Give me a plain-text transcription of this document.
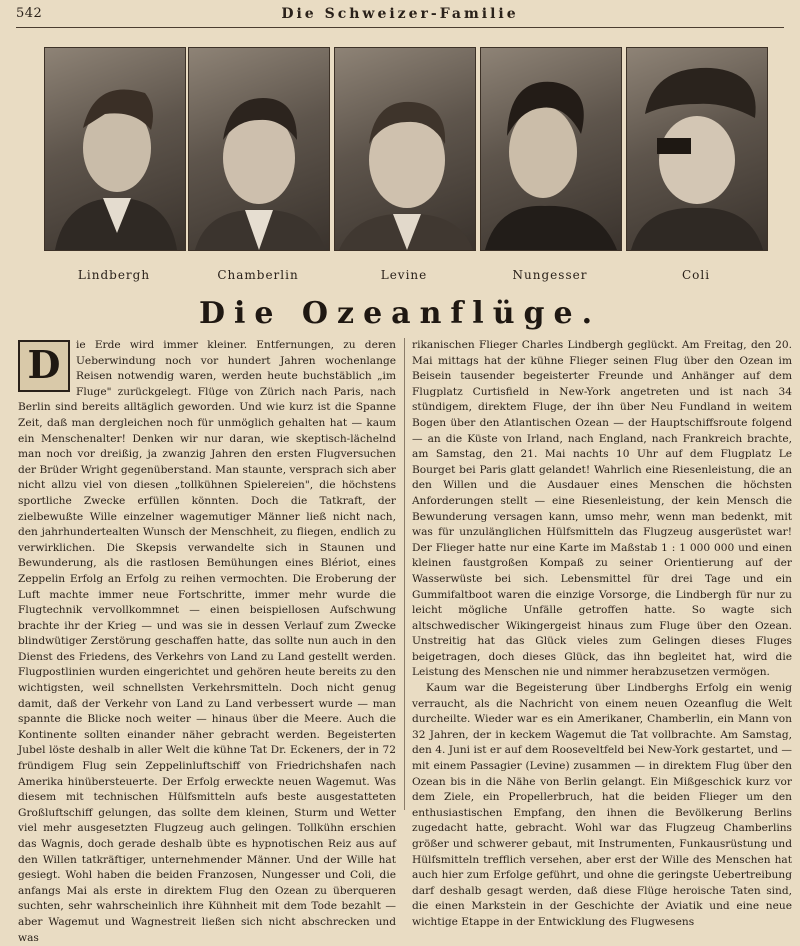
542	Die Schweizer-Familie
Lindbergh	Chamberlin	Levine	Nungesser	Coli
Die Ozeanflüge.
D	ie Erde wird immer kleiner. Entfernungen, zu deren Ueberwindung noch vor hundert Jahren wochenlange Reisen notwendig waren, werden heute buchstäblich „im Fluge" zurückgelegt. Flüge von Zürich nach Paris, nach Berlin sind bereits alltäglich geworden. Und wie kurz ist die Spanne Zeit, daß man dergleichen noch für unmöglich gehalten hat — kaum ein Menschenalter! Denken wir nur daran, wie skeptisch-lächelnd man noch vor dreißig, ja zwanzig Jahren den ersten Flugversuchen der Brüder Wright gegenüberstand. Man staunte, versprach sich aber nicht allzu viel von diesen „tollkühnen Spielereien", die höchstens sportliche Zwecke erfüllen könnten. Doch die Tatkraft, der zielbewußte Wille einzelner wagemutiger Männer ließ nicht nach, den jahrhundertealten Wunsch der Menschheit, zu fliegen, endlich zu verwirklichen. Die Skepsis verwandelte sich in Staunen und Bewunderung, als die rastlosen Bemühungen eines Blériot, eines Zeppelin Erfolg an Erfolg zu reihen vermochten. Die Eroberung der Luft machte immer neue Fortschritte, immer mehr wurde die Flugtechnik vervollkommnet — einen beispiellosen Aufschwung brachte ihr der Krieg — und was sie in dessen Verlauf zum Zwecke blindwütiger Zerstörung geschaffen hatte, das sollte nun auch in den Dienst des Friedens, des Verkehrs von Land zu Land gestellt werden. Flugpostlinien wurden eingerichtet und gehören heute bereits zu den wichtigsten, weil schnellsten Verkehrsmitteln. Doch nicht genug damit, daß der Verkehr von Land zu Land verbessert wurde — man spannte die Blicke noch weiter — hinaus über die Meere. Auch die Kontinente sollten einander näher gebracht werden. Begeisterten Jubel löste deshalb in aller Welt die kühne Tat Dr. Eckeners, der in 72 fründigem Flug sein Zeppelinluftschiff von Friedrichshafen nach Amerika hinübersteuerte. Der Erfolg erweckte neuen Wagemut. Was diesem mit technischen Hülfsmitteln aufs beste ausgestatteten Großluftschiff gelungen, das sollte dem kleinen, Sturm und Wetter viel mehr ausgesetzten Flugzeug auch gelingen. Tollkühn erschien das Wagnis, doch gerade deshalb übte es hypnotischen Reiz aus auf den Willen tatkräftiger, unternehmender Männer. Und der Wille hat gesiegt. Wohl haben die beiden Franzosen, Nungesser und Coli, die anfangs Mai als erste in direktem Flug den Ozean zu überqueren suchten, sehr wahrscheinlich ihre Kühnheit mit dem Tode bezahlt — aber Wagemut und Wagnestreit ließen sich nicht abschrecken und was

rikanischen Flieger Charles Lindbergh geglückt. Am Freitag, den 20. Mai mittags hat der kühne Flieger seinen Flug über den Ozean im Beisein tausender begeisterter Freunde und Anhänger auf dem Flugplatz Curtisfield in New-York angetreten und ist nach 34 stündigem, direktem Fluge, der ihn über Neu Fundland in weitem Bogen über den Atlantischen Ozean — der Hauptschiffsroute folgend — an die Küste von Irland, nach England, nach Frankreich brachte, am Samstag, den 21. Mai nachts 10 Uhr auf dem Flugplatz Le Bourget bei Paris glatt gelandet! Wahrlich eine Riesenleistung, die an den Willen und die Ausdauer eines Menschen die höchsten Anforderungen stellt — eine Riesenleistung, der kein Mensch die Bewunderung versagen kann, umso mehr, wenn man bedenkt, mit was für unzulänglichen Hülfsmitteln das Flugzeug ausgerüstet war! Der Flieger hatte nur eine Karte im Maßstab 1 : 1 000 000 und einen kleinen faustgroßen Kompaß zu seiner Orientierung auf der Wasserwüste bei sich. Lebensmittel für drei Tage und ein Gummifaltboot waren die einzige Vorsorge, die Lindbergh für nur zu leicht mögliche Unfälle getroffen hatte. So wagte sich altschwedischer Wikingergeist hinaus zum Fluge über den Ozean. Unstreitig hat das Glück vieles zum Gelingen dieses Fluges beigetragen, doch dieses Glück, das ihn begleitet hat, wird die Leistung des Menschen nie und nimmer herabzusetzen vermögen.

Kaum war die Begeisterung über Lindberghs Erfolg ein wenig verraucht, als die Nachricht von einem neuen Ozeanflug die Welt durcheilte. Wieder war es ein Amerikaner, Chamberlin, ein Mann von 32 Jahren, der in keckem Wagemut die Tat vollbrachte. Am Samstag, den 4. Juni ist er auf dem Rooseveltfeld bei New-York gestartet, und — mit einem Passagier (Levine) zusammen — in direktem Flug über den Ozean bis in die Nähe von Berlin gelangt. Ein Mißgeschick kurz vor dem Ziele, ein Propellerbruch, hat die beiden Flieger um den enthusiastischen Empfang, den ihnen die Bevölkerung Berlins zugedacht hatte, gebracht. Wohl war das Flugzeug Chamberlins größer und schwerer gebaut, mit Instrumenten, Funkausrüstung und Hülfsmitteln trefflich versehen, aber erst der Wille des Menschen hat auch hier zum Erfolge geführt, und ohne die geringste Uebertreibung darf deshalb gesagt werden, daß diese Flüge heroische Taten sind, die einen Markstein in der Geschichte der Aviatik und eine neue wichtige Etappe in der Entwicklung des Flugwesens
